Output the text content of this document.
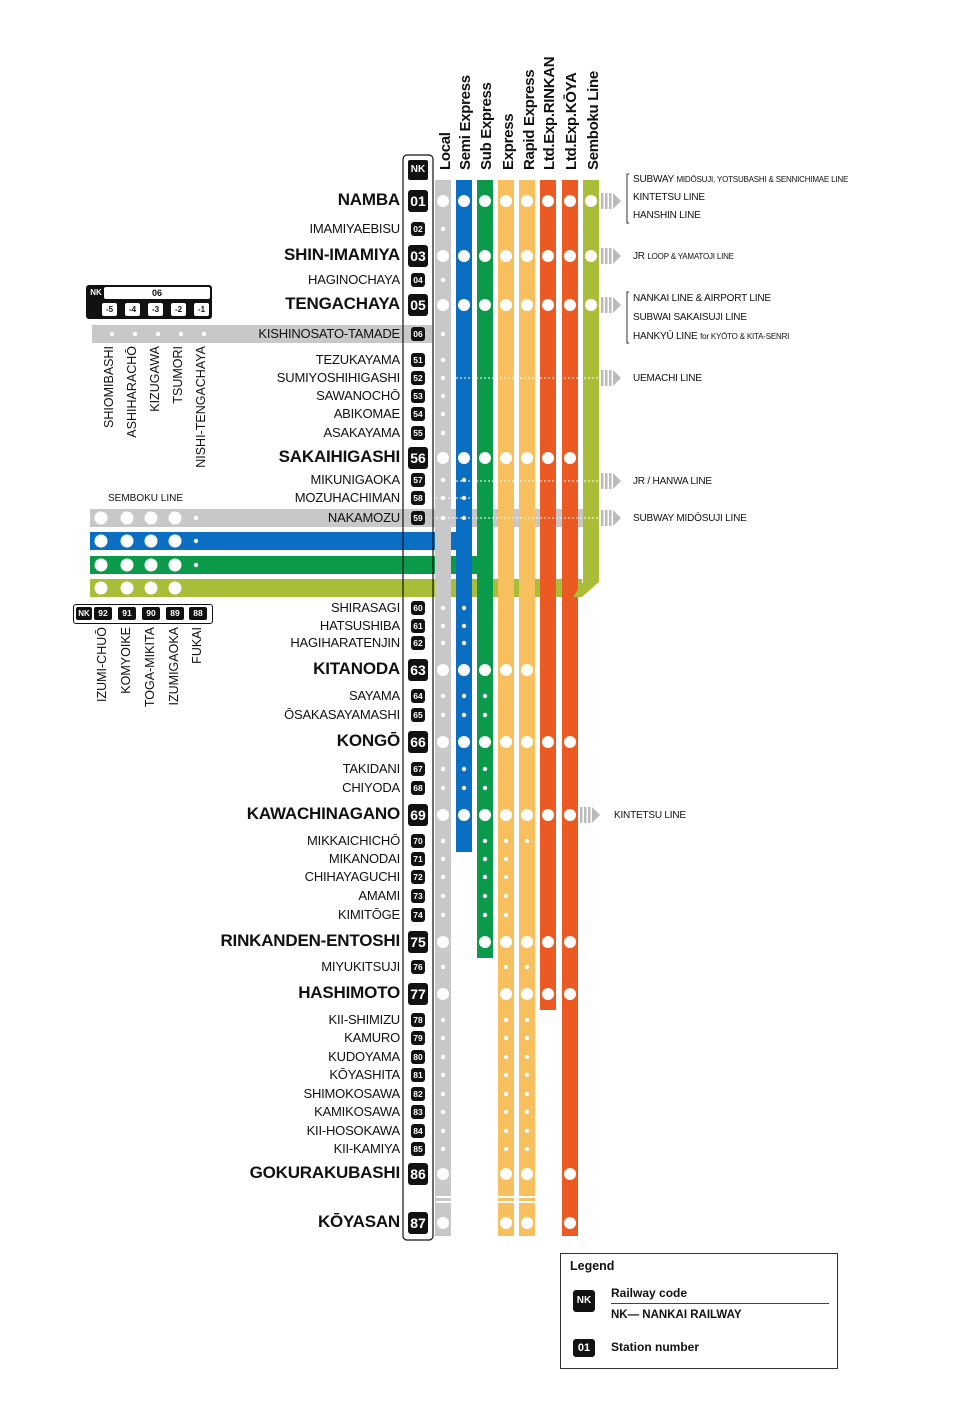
Local Semi Express Sub Express Express Rapid Express Ltd.Exp.RINKAN Ltd.Exp.KŌYA Semboku Line
NK
NAMBA 01
IMAMIYAEBISU 02
SHIN-IMAMIYA 03
HAGINOCHAYA 04
TENGACHAYA 05
KISHINOSATO-TAMADE 06
TEZUKAYAMA 51
SUMIYOSHIHIGASHI 52
SAWANOCHŌ 53
ABIKOMAE 54
ASAKAYAMA 55
SAKAIHIGASHI 56
MIKUNIGAOKA 57
MOZUHACHIMAN 58
NAKAMOZU 59
SHIRASAGI 60
HATSUSHIBA 61
HAGIHARATENJIN 62
KITANODA 63
SAYAMA 64
ŌSAKASAYAMASHI 65
KONGŌ 66
TAKIDANI 67
CHIYODA 68
KAWACHINAGANO 69
MIKKAICHICHŌ 70
MIKANODAI 71
CHIHAYAGUCHI 72
AMAMI 73
KIMITŌGE 74
RINKANDEN-ENTOSHI 75
MIYUKITSUJI 76
HASHIMOTO 77
KII-SHIMIZU 78
KAMURO 79
KUDOYAMA 80
KŌYASHITA 81
SHIMOKOSAWA 82
KAMIKOSAWA 83
KII-HOSOKAWA 84
KII-KAMIYA 85
GOKURAKUBASHI 86
KŌYASAN 87
SUBWAY MIDŌSUJI, YOTSUBASHI & SENNICHIMAE LINE
KINTETSU LINE
HANSHIN LINE
JR LOOP & YAMATOJI LINE
NANKAI LINE & AIRPORT LINE
SUBWAI SAKAISUJI LINE
HANKYŪ LINE for KYŌTO & KITA-SENRI
UEMACHI LINE
JR / HANWA LINE
SUBWAY MIDŌSUJI LINE
KINTETSU LINE
SEMBOKU LINE
NK	06
SHIOMIBASHI
-5
ASHIHARACHŌ
-4
KIZUGAWA
-3
TSUMORI
-2
NISHI-TENGACHAYA
-1
NK
IZUMI-CHUŌ
92
KOMYOIKE
91
TOGA-MIKITA
90
IZUMIGAOKA
89
FUKAI
88
Legend
NK
Railway code
NK— NANKAI RAILWAY
01	Station number
